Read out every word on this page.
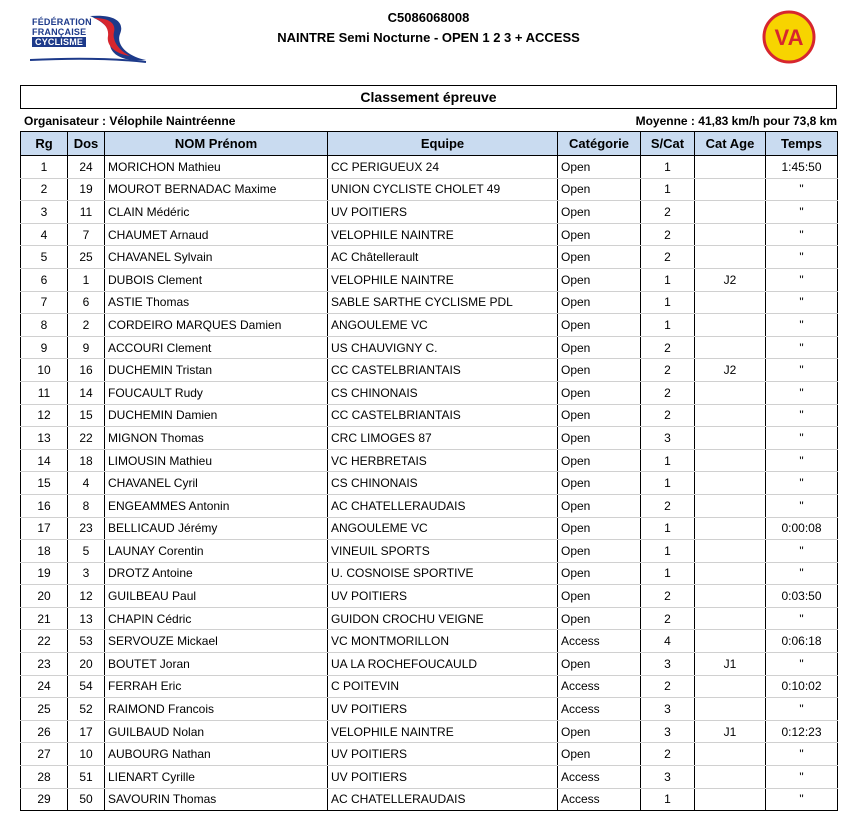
FÉDÉRATION
FRANÇAISE
CYCLISME
C5086068008
NAINTRE Semi Nocturne - OPEN 1 2 3 + ACCESS	VA
Classement épreuve
Organisateur : Vélophile Naintréenne	Moyenne : 41,83 km/h pour 73,8 km
Rg	Dos	NOM Prénom	Equipe	Catégorie	S/Cat	Cat Age	Temps
1	24	MORICHON Mathieu	CC PERIGUEUX 24	Open	1		1:45:50
2	19	MOUROT BERNADAC Maxime	UNION CYCLISTE CHOLET 49	Open	1		"
3	11	CLAIN Médéric	UV POITIERS	Open	2		"
4	7	CHAUMET Arnaud	VELOPHILE NAINTRE	Open	2		"
5	25	CHAVANEL Sylvain	AC Châtellerault	Open	2		"
6	1	DUBOIS Clement	VELOPHILE NAINTRE	Open	1	J2	"
7	6	ASTIE Thomas	SABLE SARTHE CYCLISME PDL	Open	1		"
8	2	CORDEIRO MARQUES Damien	ANGOULEME VC	Open	1		"
9	9	ACCOURI Clement	US CHAUVIGNY C.	Open	2		"
10	16	DUCHEMIN Tristan	CC CASTELBRIANTAIS	Open	2	J2	"
11	14	FOUCAULT Rudy	CS CHINONAIS	Open	2		"
12	15	DUCHEMIN Damien	CC CASTELBRIANTAIS	Open	2		"
13	22	MIGNON Thomas	CRC LIMOGES 87	Open	3		"
14	18	LIMOUSIN Mathieu	VC HERBRETAIS	Open	1		"
15	4	CHAVANEL Cyril	CS CHINONAIS	Open	1		"
16	8	ENGEAMMES Antonin	AC CHATELLERAUDAIS	Open	2		"
17	23	BELLICAUD Jérémy	ANGOULEME VC	Open	1		0:00:08
18	5	LAUNAY Corentin	VINEUIL SPORTS	Open	1		"
19	3	DROTZ Antoine	U. COSNOISE SPORTIVE	Open	1		"
20	12	GUILBEAU Paul	UV POITIERS	Open	2		0:03:50
21	13	CHAPIN Cédric	GUIDON CROCHU VEIGNE	Open	2		"
22	53	SERVOUZE Mickael	VC MONTMORILLON	Access	4		0:06:18
23	20	BOUTET Joran	UA LA ROCHEFOUCAULD	Open	3	J1	"
24	54	FERRAH Eric	C POITEVIN	Access	2		0:10:02
25	52	RAIMOND Francois	UV POITIERS	Access	3		"
26	17	GUILBAUD Nolan	VELOPHILE NAINTRE	Open	3	J1	0:12:23
27	10	AUBOURG Nathan	UV POITIERS	Open	2		"
28	51	LIENART Cyrille	UV POITIERS	Access	3		"
29	50	SAVOURIN Thomas	AC CHATELLERAUDAIS	Access	1		"
